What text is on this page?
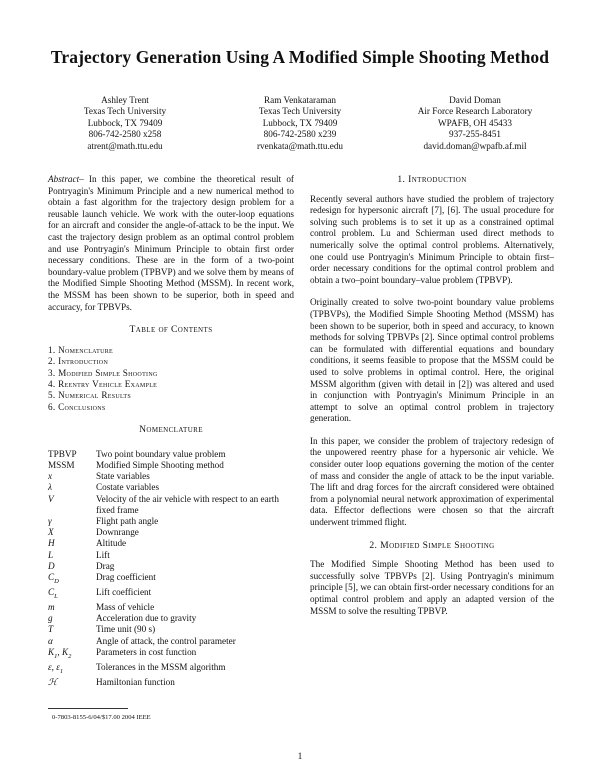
Trajectory Generation Using A Modified Simple Shooting Method
Ashley Trent
Texas Tech University
Lubbock, TX 79409
806-742-2580 x258
atrent@math.ttu.edu
Ram Venkataraman
Texas Tech University
Lubbock, TX 79409
806-742-2580 x239
rvenkata@math.ttu.edu
David Doman
Air Force Research Laboratory
WPAFB, OH 45433
937-255-8451
david.doman@wpafb.af.mil

Abstract– In this paper, we combine the theoretical result of Pontryagin's Minimum Principle and a new numerical method to obtain a fast algorithm for the trajectory design problem for a reusable launch vehicle. We work with the outer-loop equations for an aircraft and consider the angle-of-attack to be the input. We cast the trajectory design problem as an optimal control problem and use Pontryagin's Minimum Principle to obtain first order necessary conditions. These are in the form of a two-point boundary-value problem (TPBVP) and we solve them by means of the Modified Simple Shooting Method (MSSM). In recent work, the MSSM has been shown to be superior, both in speed and accuracy, for TPBVPs.

Table of Contents
1. Nomenclature
2. Introduction
3. Modified Simple Shooting
4. Reentry Vehicle Example
5. Numerical Results
6. Conclusions
Nomenclature
TPBVP	Two point boundary value problem
MSSM	Modified Simple Shooting method
x	State variables
λ	Costate variables
V	Velocity of the air vehicle with respect to an earth fixed frame
γ	Flight path angle
X	Downrange
H	Altitude
L	Lift
D	Drag
$C_D$	Drag coefficient
$C_L$	Lift coefficient
m	Mass of vehicle
g	Acceleration due to gravity
T	Time unit (90 s)
α	Angle of attack, the control parameter
$K_1$, $K_2$	Parameters in cost function
ε, $\varepsilon_1$	Tolerances in the MSSM algorithm
ℋ	Hamiltonian function
0-7803-8155-6/04/$17.00 2004 IEEE
1. Introduction

Recently several authors have studied the problem of trajectory redesign for hypersonic aircraft [7], [6]. The usual procedure for solving such problems is to set it up as a constrained optimal control problem. Lu and Schierman used direct methods to numerically solve the optimal control problems. Alternatively, one could use Pontryagin's Minimum Principle to obtain first–order necessary conditions for the optimal control problem and obtain a two–point boundary–value problem (TPBVP).

Originally created to solve two-point boundary value problems (TPBVPs), the Modified Simple Shooting Method (MSSM) has been shown to be superior, both in speed and accuracy, to known methods for solving TPBVPs [2]. Since optimal control problems can be formulated with differential equations and boundary conditions, it seems feasible to propose that the MSSM could be used to solve problems in optimal control. Here, the original MSSM algorithm (given with detail in [2]) was altered and used in conjunction with Pontryagin's Minimum Principle in an attempt to solve an optimal control problem in trajectory generation.

In this paper, we consider the problem of trajectory redesign of the unpowered reentry phase for a hypersonic air vehicle. We consider outer loop equations governing the motion of the center of mass and consider the angle of attack to be the input variable. The lift and drag forces for the aircraft considered were obtained from a polynomial neural network approximation of experimental data. Effector deflections were chosen so that the aircraft underwent trimmed flight.

2. Modified Simple Shooting

The Modified Simple Shooting Method has been used to successfully solve TPBVPs [2]. Using Pontryagin's minimum principle [5], we can obtain first-order necessary conditions for an optimal control problem and apply an adapted version of the MSSM to solve the resulting TPBVP.

1
